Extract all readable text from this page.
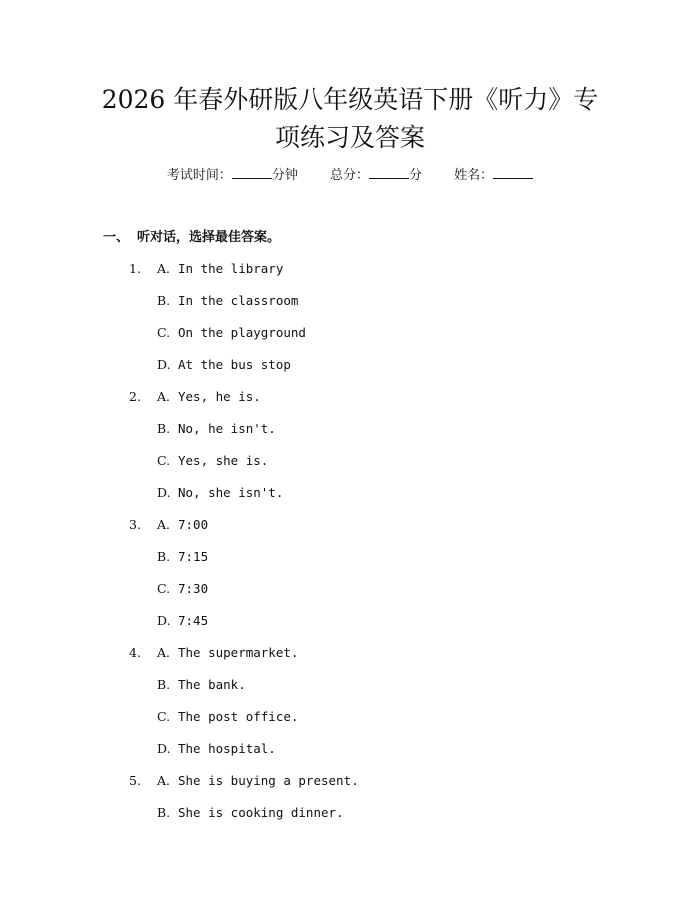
2026 年春外研版八年级英语下册《听力》专
项练习及答案
考试时间：	分钟 总分：	分 姓名：
一、 听对话，选择最佳答案。
1. A. In the library
B. In the classroom
C. On the playground
D. At the bus stop
2. A. Yes, he is.
B. No, he isn't.
C. Yes, she is.
D. No, she isn't.
3. A. 7:00
B. 7:15
C. 7:30
D. 7:45
4. A. The supermarket.
B. The bank.
C. The post office.
D. The hospital.
5. A. She is buying a present.
B. She is cooking dinner.
